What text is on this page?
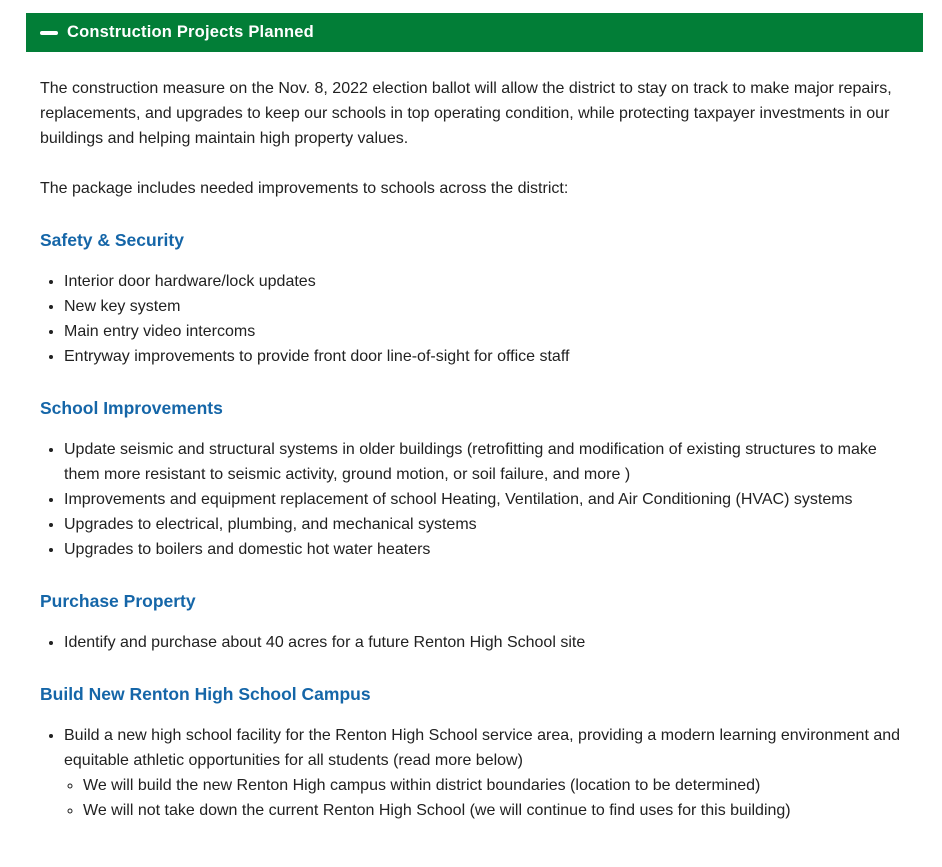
Construction Projects Planned

The construction measure on the Nov. 8, 2022 election ballot will allow the district to stay on track to make major repairs, replacements, and upgrades to keep our schools in top operating condition, while protecting taxpayer investments in our buildings and helping maintain high property values.

The package includes needed improvements to schools across the district:

Safety & Security
• Interior door hardware/lock updates
• New key system
• Main entry video intercoms
• Entryway improvements to provide front door line-of-sight for office staff
School Improvements
• Update seismic and structural systems in older buildings (retrofitting and modification of existing structures to make them more resistant to seismic activity, ground motion, or soil failure, and more )
• Improvements and equipment replacement of school Heating, Ventilation, and Air Conditioning (HVAC) systems
• Upgrades to electrical, plumbing, and mechanical systems
• Upgrades to boilers and domestic hot water heaters
Purchase Property
• Identify and purchase about 40 acres for a future Renton High School site
Build New Renton High School Campus
• Build a new high school facility for the Renton High School service area, providing a modern learning environment and equitable athletic opportunities for all students (read more below)
◦ We will build the new Renton High campus within district boundaries (location to be determined)
◦ We will not take down the current Renton High School (we will continue to find uses for this building)
